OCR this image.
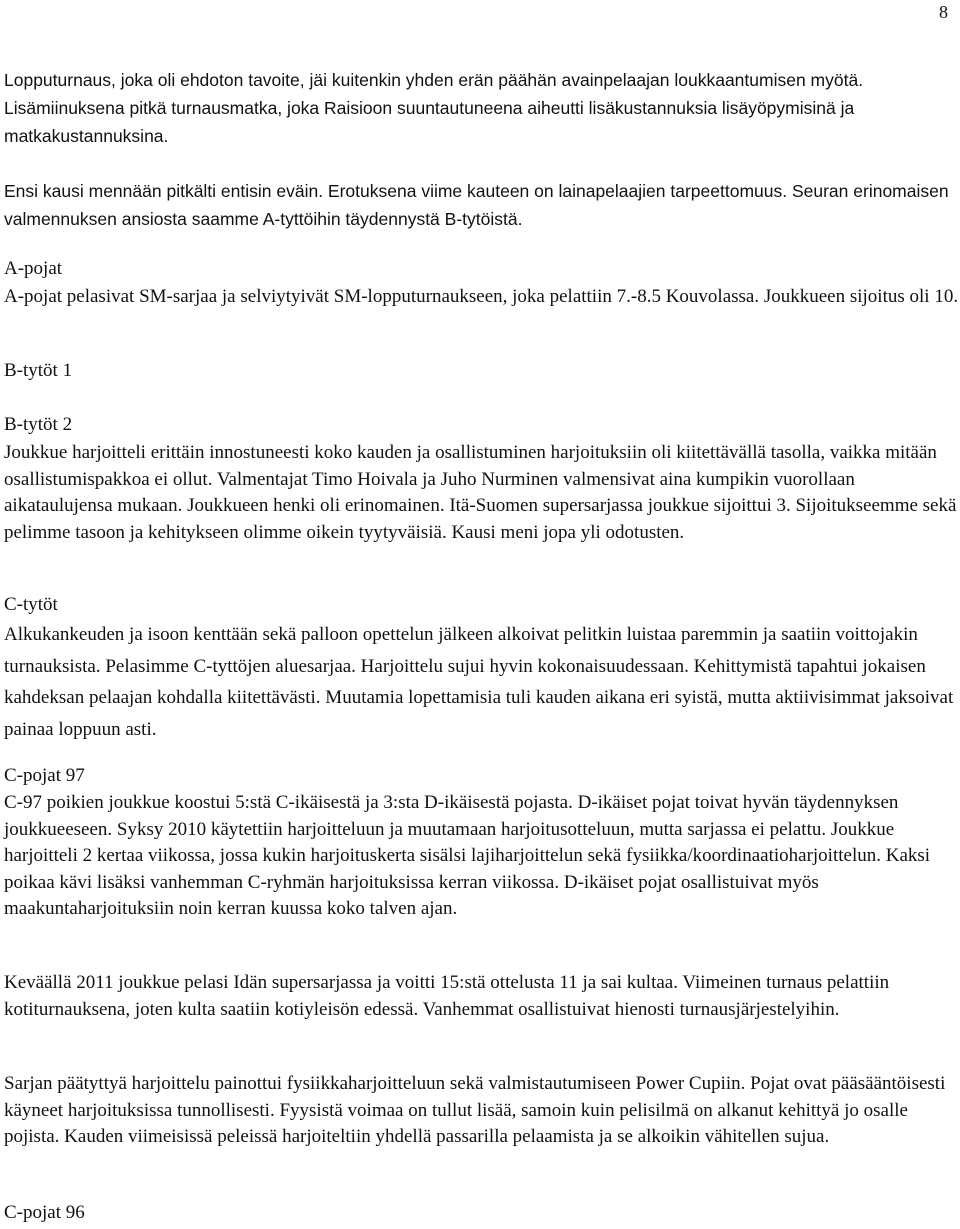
8

Lopputurnaus, joka oli ehdoton tavoite, jäi kuitenkin yhden erän päähän avainpelaajan loukkaantumisen myötä. Lisämiinuksena pitkä turnausmatka, joka Raisioon suuntautuneena aiheutti lisäkustannuksia lisäyöpymisinä ja matkakustannuksina.

Ensi kausi mennään pitkälti entisin eväin. Erotuksena viime kauteen on lainapelaajien tarpeettomuus. Seuran erinomaisen valmennuksen ansiosta saamme A-tyttöihin täydennystä B-tytöistä.

A-pojat

A-pojat pelasivat SM-sarjaa ja selviytyivät SM-lopputurnaukseen, joka pelattiin 7.-8.5 Kouvolassa. Joukkueen sijoitus oli 10.

B-tytöt 1

B-tytöt 2

Joukkue harjoitteli erittäin innostuneesti koko kauden ja osallistuminen harjoituksiin oli kiitettävällä tasolla, vaikka mitään osallistumispakkoa ei ollut. Valmentajat Timo Hoivala ja Juho Nurminen valmensivat aina kumpikin vuorollaan aikataulujensa mukaan. Joukkueen henki oli erinomainen. Itä-Suomen supersarjassa joukkue sijoittui 3. Sijoitukseemme sekä pelimme tasoon ja kehitykseen olimme oikein tyytyväisiä. Kausi meni jopa yli odotusten.

C-tytöt

Alkukankeuden ja isoon kenttään sekä palloon opettelun jälkeen alkoivat pelitkin luistaa paremmin ja saatiin voittojakin turnauksista. Pelasimme C-tyttöjen aluesarjaa. Harjoittelu sujui hyvin kokonaisuudessaan. Kehittymistä tapahtui jokaisen kahdeksan pelaajan kohdalla kiitettävästi. Muutamia lopettamisia tuli kauden aikana eri syistä, mutta aktiivisimmat jaksoivat painaa loppuun asti.

C-pojat 97

C-97 poikien joukkue koostui 5:stä C-ikäisestä ja 3:sta D-ikäisestä pojasta. D-ikäiset pojat toivat hyvän täydennyksen joukkueeseen. Syksy 2010 käytettiin harjoitteluun ja muutamaan harjoitusotteluun, mutta sarjassa ei pelattu. Joukkue harjoitteli 2 kertaa viikossa, jossa kukin harjoituskerta sisälsi lajiharjoittelun sekä fysiikka/koordinaatioharjoittelun. Kaksi poikaa kävi lisäksi vanhemman C-ryhmän harjoituksissa kerran viikossa. D-ikäiset pojat osallistuivat myös maakuntaharjoituksiin noin kerran kuussa koko talven ajan.

Keväällä 2011 joukkue pelasi Idän supersarjassa ja voitti 15:stä ottelusta 11 ja sai kultaa. Viimeinen turnaus pelattiin kotiturnauksena, joten kulta saatiin kotiyleisön edessä. Vanhemmat osallistuivat hienosti turnausjärjestelyihin.

Sarjan päätyttyä harjoittelu painottui fysiikkaharjoitteluun sekä valmistautumiseen Power Cupiin. Pojat ovat pääsääntöisesti käyneet harjoituksissa tunnollisesti. Fyysistä voimaa on tullut lisää, samoin kuin pelisilmä on alkanut kehittyä jo osalle pojista. Kauden viimeisissä peleissä harjoiteltiin yhdellä passarilla pelaamista ja se alkoikin vähitellen sujua.

C-pojat 96
